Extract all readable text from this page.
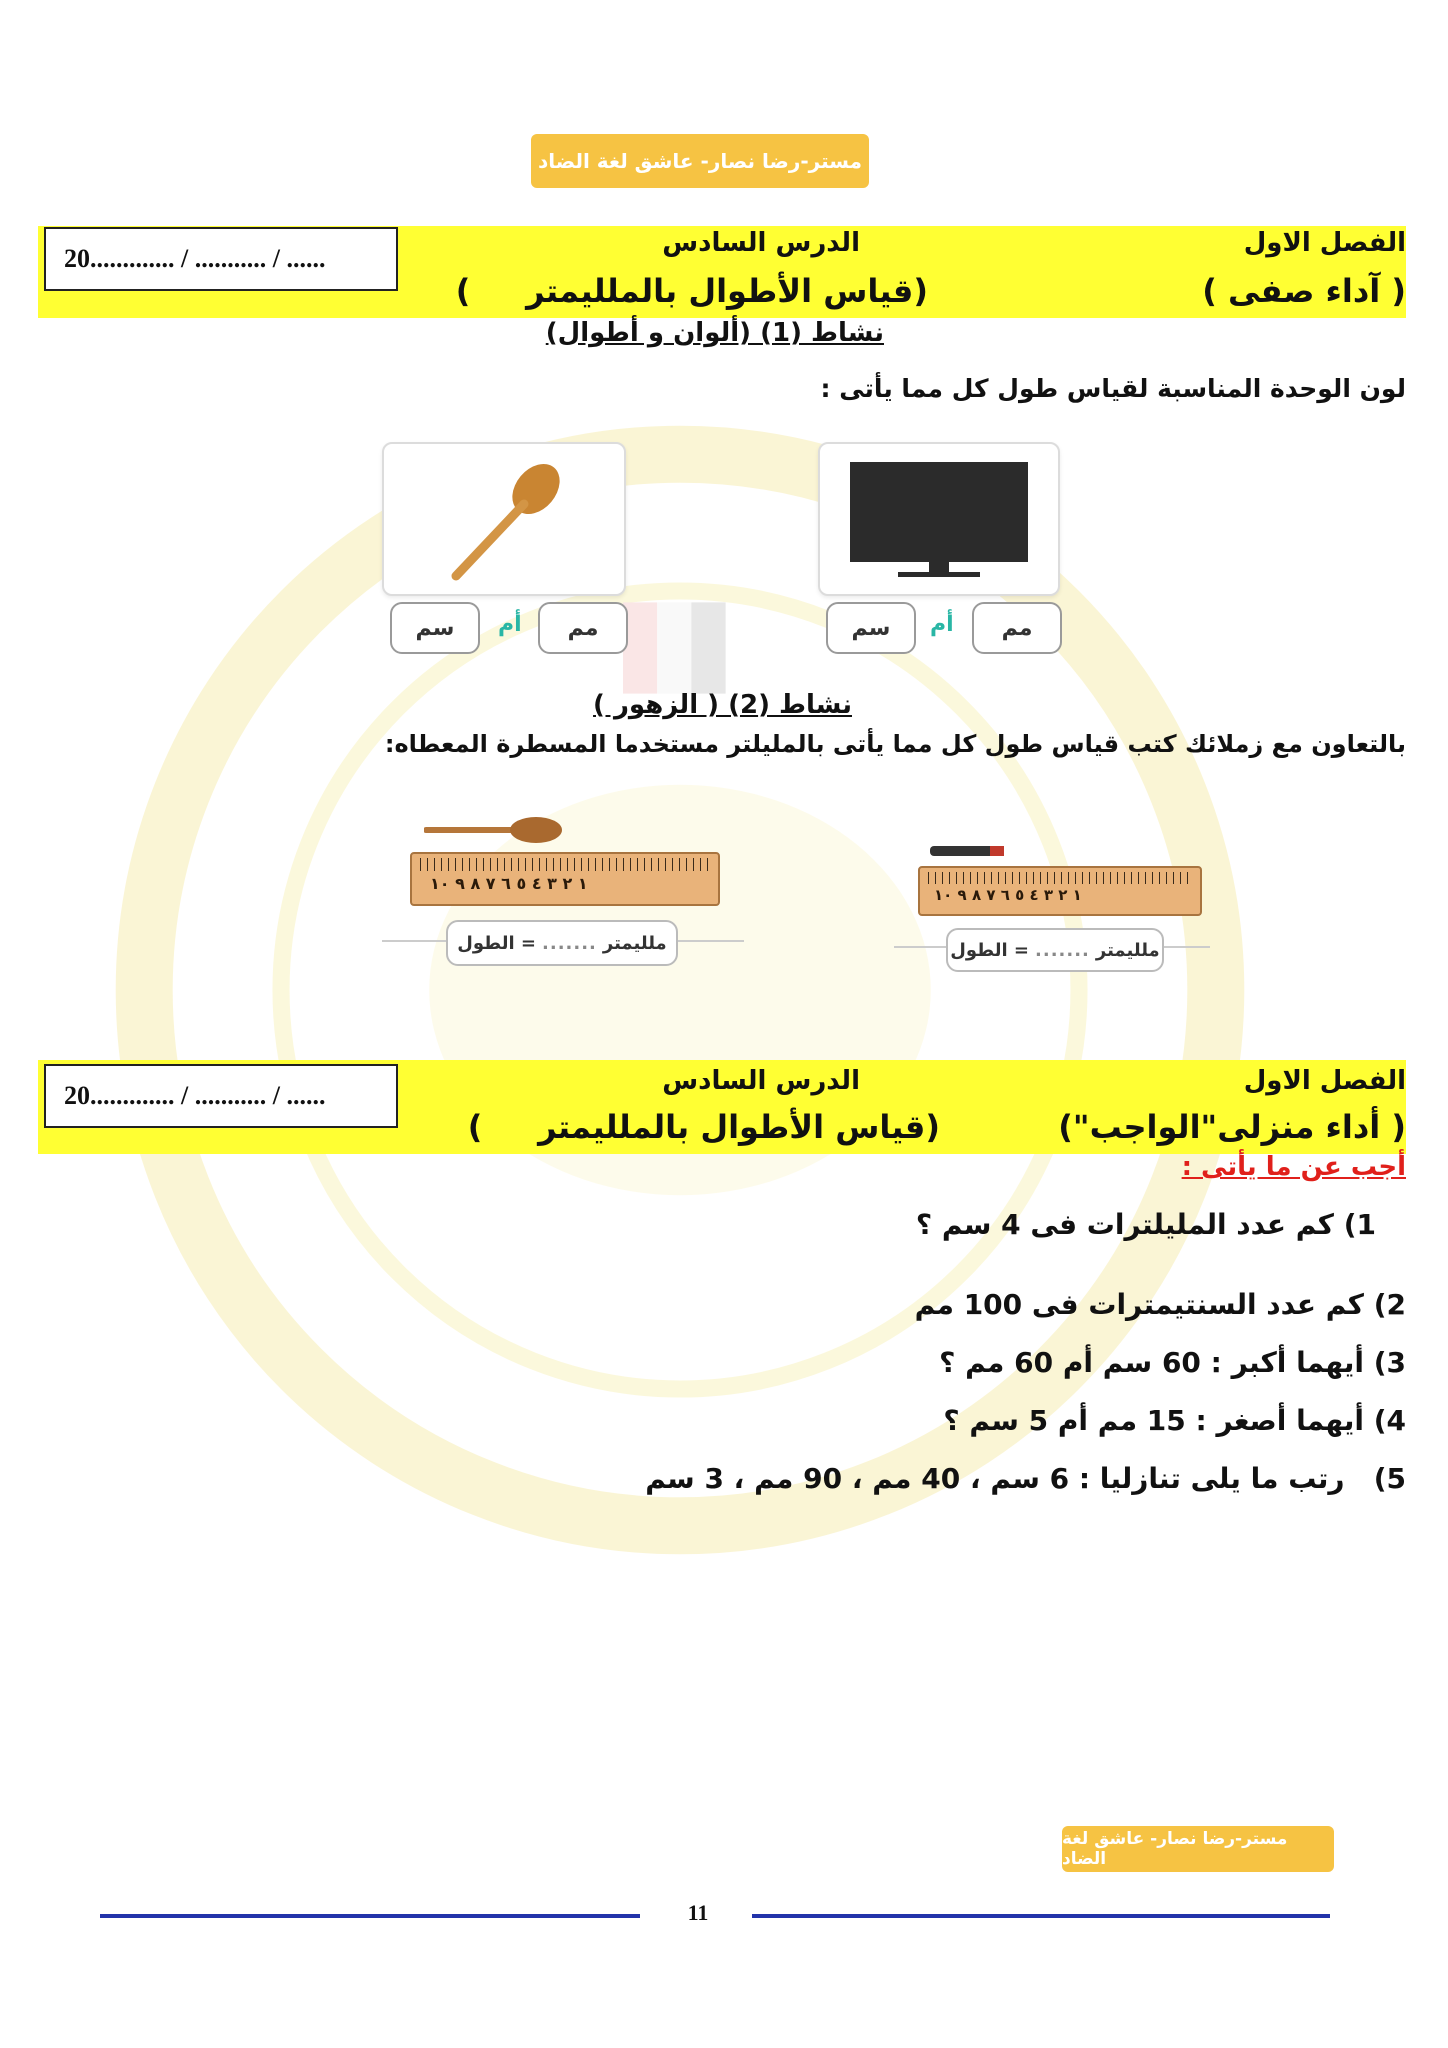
مستر-رضا نصار- عاشق لغة الضاد
20............. / ........... / ......
الفصل الاول
( آداء صفى )
الدرس السادس
(قياس الأطوال بالملليمتر     )
نشاط (1) (ألوان و أطوال)
لون الوحدة المناسبة لقياس طول كل مما يأتى :
مم
أم
سم
مم
أم
سم
نشاط (2) ( الزهور )
بالتعاون مع زملائك كتب قياس طول كل مما يأتى بالمليلتر مستخدما المسطرة المعطاه:
١ ٢ ٣ ٤ ٥ ٦ ٧ ٨ ٩ ١٠
الطول = ....... ملليمتر
١ ٢ ٣ ٤ ٥ ٦ ٧ ٨ ٩ ١٠
الطول = ....... ملليمتر
20............. / ........... / ......	الفصل الاول
( أداء منزلى"الواجب")
الدرس السادس
(قياس الأطوال بالملليمتر     )
أجب عن ما يأتى :
1) كم عدد المليلترات فى 4 سم ؟
2) كم عدد السنتيمترات فى 100 مم
3) أيهما أكبر : 60 سم أم 60 مم ؟
4) أيهما أصغر : 15 مم أم 5 سم ؟
5)   رتب ما يلى تنازليا : 6 سم ، 40 مم ، 90 مم ، 3 سم
مستر-رضا نصار- عاشق لغة الضاد
11
